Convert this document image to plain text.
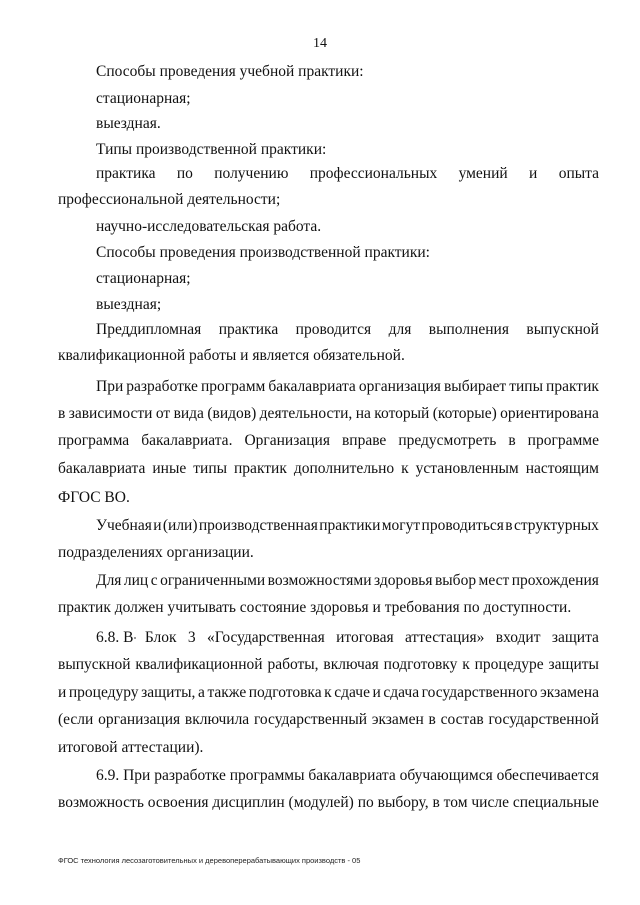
14
Способы проведения учебной практики:
стационарная;
выездная.
Типы производственной практики:
практика по получению профессиональных умений и опыта
профессиональной деятельности;
научно-исследовательская работа.
Способы проведения производственной практики:
стационарная;
выездная;
Преддипломная практика проводится для выполнения выпускной
квалификационной работы и является обязательной.
При разработке программ бакалавриата организация выбирает типы практик
в зависимости от вида (видов) деятельности, на который (которые) ориентирована
программа бакалавриата. Организация вправе предусмотреть в программе
бакалавриата иные типы практик дополнительно к установленным настоящим
ФГОС ВО.
Учебная и (или) производственная практики могут проводиться в структурных
подразделениях организации.
Для лиц с ограниченными возможностями здоровья выбор мест прохождения
практик должен учитывать состояние здоровья и требования по доступности.
6.8. В Блок 3 «Государственная итоговая аттестация» входит защита
выпускной квалификационной работы, включая подготовку к процедуре защиты
и процедуру защиты, а также подготовка к сдаче и сдача государственного экзамена
(если организация включила государственный экзамен в состав государственной
итоговой аттестации).
6.9. При разработке программы бакалавриата обучающимся обеспечивается
возможность освоения дисциплин (модулей) по выбору, в том числе специальные
ФГОС технология лесозаготовительных и деревоперерабатывающих производств - 05
